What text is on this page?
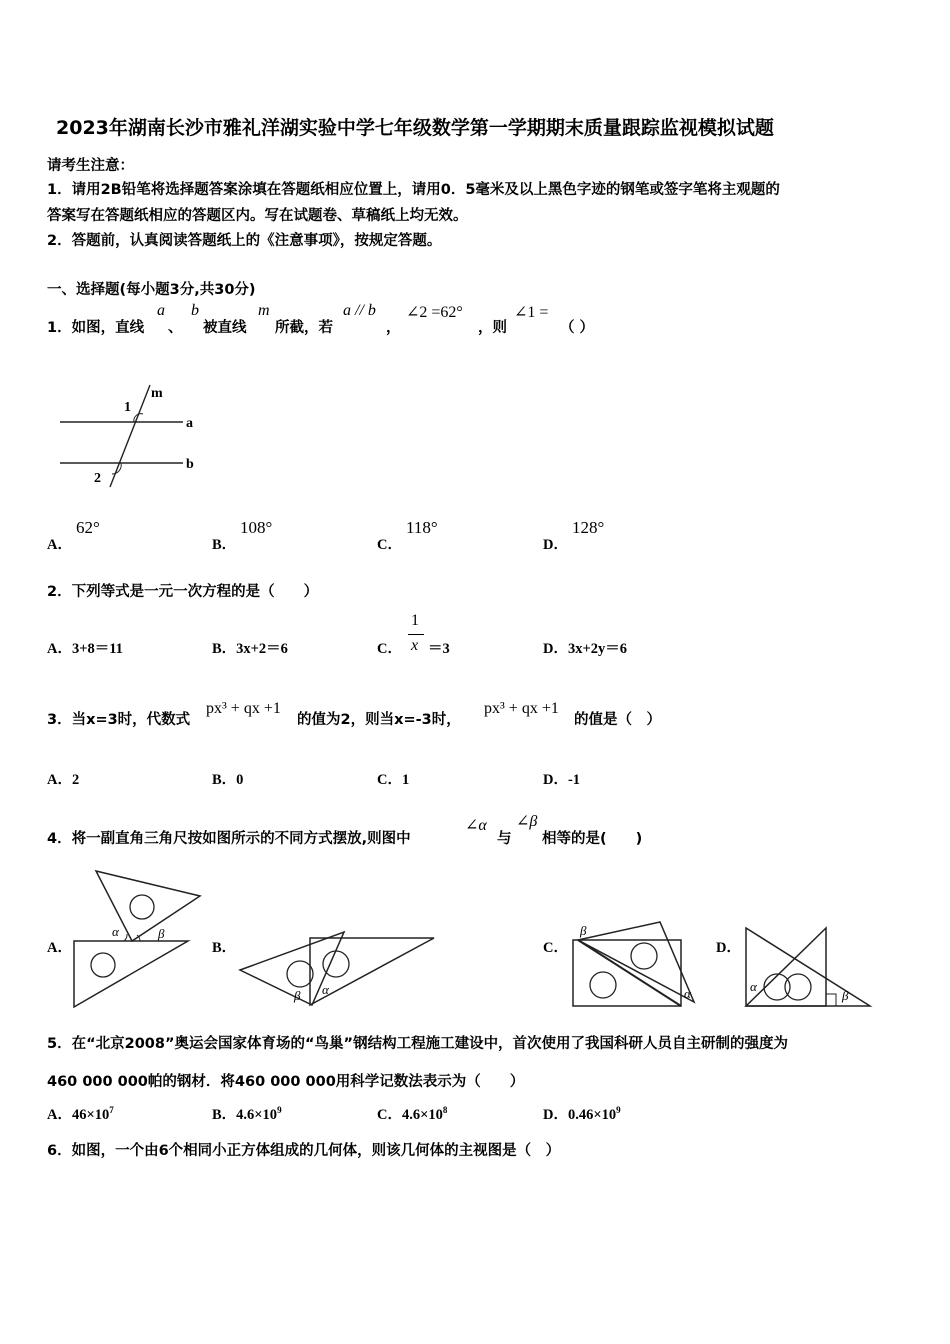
2023年湖南长沙市雅礼洋湖实验中学七年级数学第一学期期末质量跟踪监视模拟试题
请考生注意：
1．请用2B铅笔将选择题答案涂填在答题纸相应位置上，请用0．5毫米及以上黑色字迹的钢笔或签字笔将主观题的
答案写在答题纸相应的答题区内。写在试题卷、草稿纸上均无效。
2．答题前，认真阅读答题纸上的《注意事项》，按规定答题。
一、选择题(每小题3分,共30分)
1．如图，直线
a
、
b
被直线
m
所截，若
a // b
，
∠2 =62°
，则
∠1 =
（ ）
m
1
a
b
2
A．
62°
B．
108°
C．
118°
D．
128°
2．下列等式是一元一次方程的是（　　）
A．3+8＝11	B．3x+2＝6	C．
1
x ＝3	D．3x+2y＝6
3．当x=3时，代数式
px³ + qx +1
的值为2，则当x=-3时，
px³ + qx +1
的值是（　）
A．2	B．0	C．1	D．-1
4．将一副直角三角尺按如图所示的不同方式摆放,则图中
∠α
与
∠β
相等的是(　　)
A．	B．	C．	D．
α	β
β α
β
α	α
β
5．在“北京2008”奥运会国家体育场的“鸟巢”钢结构工程施工建设中，首次使用了我国科研人员自主研制的强度为
460 000 000帕的钢材．将460 000 000用科学记数法表示为（　　）
A．$46\times 10^7$	B．$4.6\times 10^9$	C．$4.6\times 10^8$	D．$0.46\times 10^9$
6．如图，一个由6个相同小正方体组成的几何体，则该几何体的主视图是（　）
